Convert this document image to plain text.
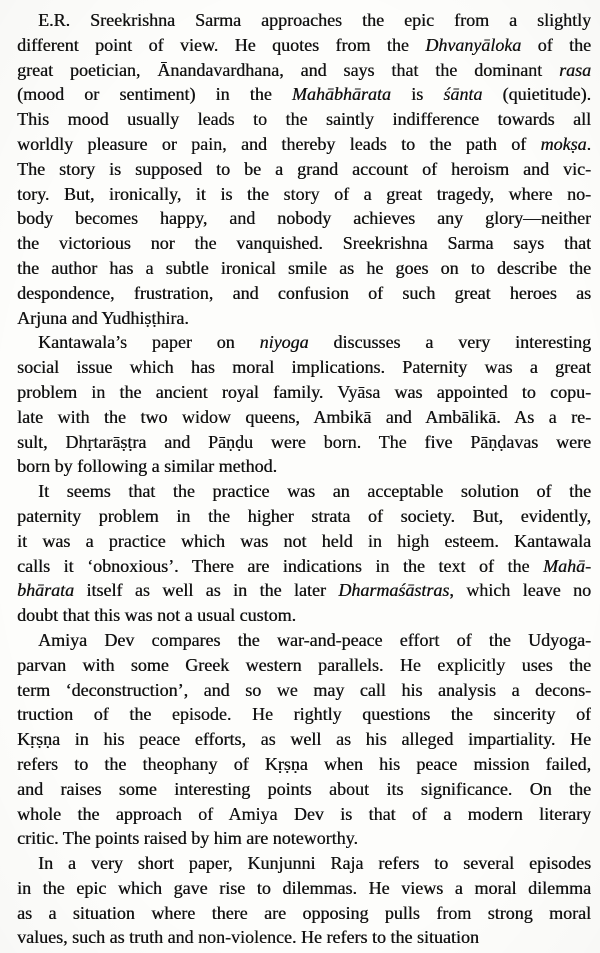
E.R. Sreekrishna Sarma approaches the epic from a slightly
different point of view. He quotes from the Dhvanyāloka of the
great poetician, Ānandavardhana, and says that the dominant rasa
(mood or sentiment) in the Mahābhārata is śānta (quietitude).
This mood usually leads to the saintly indifference towards all
worldly pleasure or pain, and thereby leads to the path of mokṣa.
The story is supposed to be a grand account of heroism and vic-
tory. But, ironically, it is the story of a great tragedy, where no-
body becomes happy, and nobody achieves any glory—neither
the victorious nor the vanquished. Sreekrishna Sarma says that
the author has a subtle ironical smile as he goes on to describe the
despondence, frustration, and confusion of such great heroes as
Arjuna and Yudhiṣṭhira.
Kantawala’s paper on niyoga discusses a very interesting
social issue which has moral implications. Paternity was a great
problem in the ancient royal family. Vyāsa was appointed to copu-
late with the two widow queens, Ambikā and Ambālikā. As a re-
sult, Dhṛtarāṣṭra and Pāṇḍu were born. The five Pāṇḍavas were
born by following a similar method.
It seems that the practice was an acceptable solution of the
paternity problem in the higher strata of society. But, evidently,
it was a practice which was not held in high esteem. Kantawala
calls it ‘obnoxious’. There are indications in the text of the Mahā-
bhārata itself as well as in the later Dharmaśāstras, which leave no
doubt that this was not a usual custom.
Amiya Dev compares the war-and-peace effort of the Udyoga-
parvan with some Greek western parallels. He explicitly uses the
term ‘deconstruction’, and so we may call his analysis a decons-
truction of the episode. He rightly questions the sincerity of
Kṛṣṇa in his peace efforts, as well as his alleged impartiality. He
refers to the theophany of Kṛṣṇa when his peace mission failed,
and raises some interesting points about its significance. On the
whole the approach of Amiya Dev is that of a modern literary
critic. The points raised by him are noteworthy.
In a very short paper, Kunjunni Raja refers to several episodes
in the epic which gave rise to dilemmas. He views a moral dilemma
as a situation where there are opposing pulls from strong moral
values, such as truth and non-violence. He refers to the situation
